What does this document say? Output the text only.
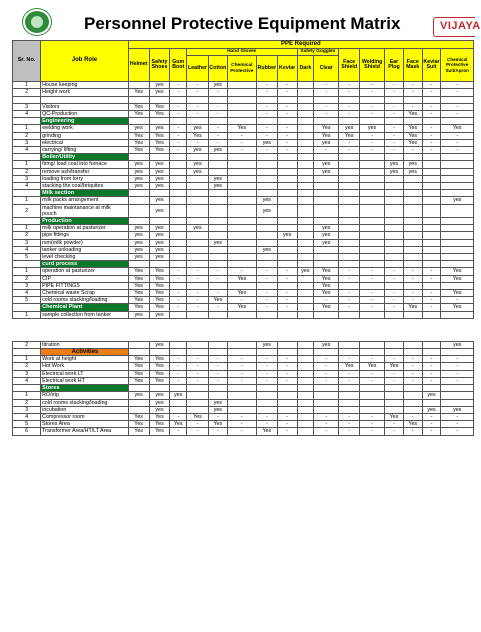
Personnel Protective Equipment Matrix	VIJAYA
Sr. No.	Job Role	PPE Required															
		Helmet	Safety Shoes	Gum Boot	Hand Gloves					Safety Goggles		Face Shield	Welding Shield	Ear Plug	Face Mask	Kevlar Suit	Chemical Protective Suit/Apron
					Leather	Cotton	Chemical Protective	Rubber	Kevlar	Dark	Clear						
1	House keeping		yes	-	-	yes		-	-		-	-	-	-	-	-	-
2	Height work	Yes	yes	-	-	-		-	-		-	-	-	-	-	-	-

3	Visitors	Yes	Yes	-	-	-		-	-		-	-	-	-	-	-	-
4	QC-Production	Yes	Yes	-	-	-		-	-		-	-	-	-	Yes	-	-
	Engineering																
1	welding work	yes	yes	-	yes	-	Yes	-	-		Yes	yes	yes	-	Yes	-	Yes
2	grinding	Yes	Yes	-	Yes	-	-	-	-		Yes	Yes	-	-	Yes	-	-
3	electrical	Yes	Yes	-	-	-	-	yes	-		yes	-	-	-	Yes	-	-
4	carrying/ lifting	Yes	Yes	-	yes	yes	-	-	-		-	-	-	-	-	-	-
	Boiler/Utility																
1	firing/ load coal into furnace	yes	yes		yes						yes			yes	yes		
2	remove ash/transfer	yes	yes		yes						yes			yes	yes		
3	loading from lorry	yes	yes			yes											
4	stacking the coal/briquites	yes	yes			yes											
	Milk section																
1	milk packs arrangement		yes					yes									yes
2	machine maintanance at milk
pouch		yes					yes									
	Production																
1	milk operation at pasturizer	yes	yes		yes						yes						
2	pipe fittings	yes	yes						yes		yes						
3	rsm(milk powder)	yes	yes			yes					yes						
4	tanker unloading	yes	yes					yes									
5	level checking	yes	yes														
	curd process																
1	operation at pasturizer	Yes	Yes	-	-	-	-	-	-	yes	Yes	-	-	-	-	-	Yes
2	CIP	Yes	Yes	-	-	-	Yes	-	-		Yes	-	-	-	-	-	Yes
3	PIPE FITTINGS	Yes	Yes								Yes						
4	Chemical waste Scrap	Yes	Yes	-	-	-	Yes	-	-		Yes	-	-	-	-	-	Yes
5	cold rooms stacking/loading	Yes	Yes	-	-	Yes	-	-	-		-	-	-	-	-	-	-
	Chemical Plant	Yes	Yes	-	-	-	Yes	-	-		Yes	-	-	-	Yes	-	Yes
1	sample collection from tanker	yes	yes														

2	titration		yes					yes			yes						yes
	Activities																
1	Work at height	Yes	Yes	-	-	-	-	-	-		-	-	-	-	-	-	-
2	Hot Work	Yes	Yes	-	-	-	-	-	-		-	Yes	Yes	Yes	-	-	-
3	Electrical work LT	Yes	Yes	-	-	-	-	-	-		-	-	-	-	-	-	-
4	Electrical work HT	Yes	Yes	-	-	-	-	-	-		-	-	-	-	-	-	-
	Stores																
1	RO/etp	yes	yes	yes												yes	
2	cold rooms stacking/loading		yes			yes											
3	incubation		yes			yes										yes	yes
4	Compressor room	Yes	Yes	-	Yes	-	-	-	-		-	-	-	Yes	-	-	-
5	Stores Area	Yes	Yes	Yes	-	Yes	-	-	-		-	-	-	-	Yes	-	-
6	Transformer Area/HT/LT Area	Yes	Yes	-	-	-	-	Yes	-		-	-	-	-	-	-	-
